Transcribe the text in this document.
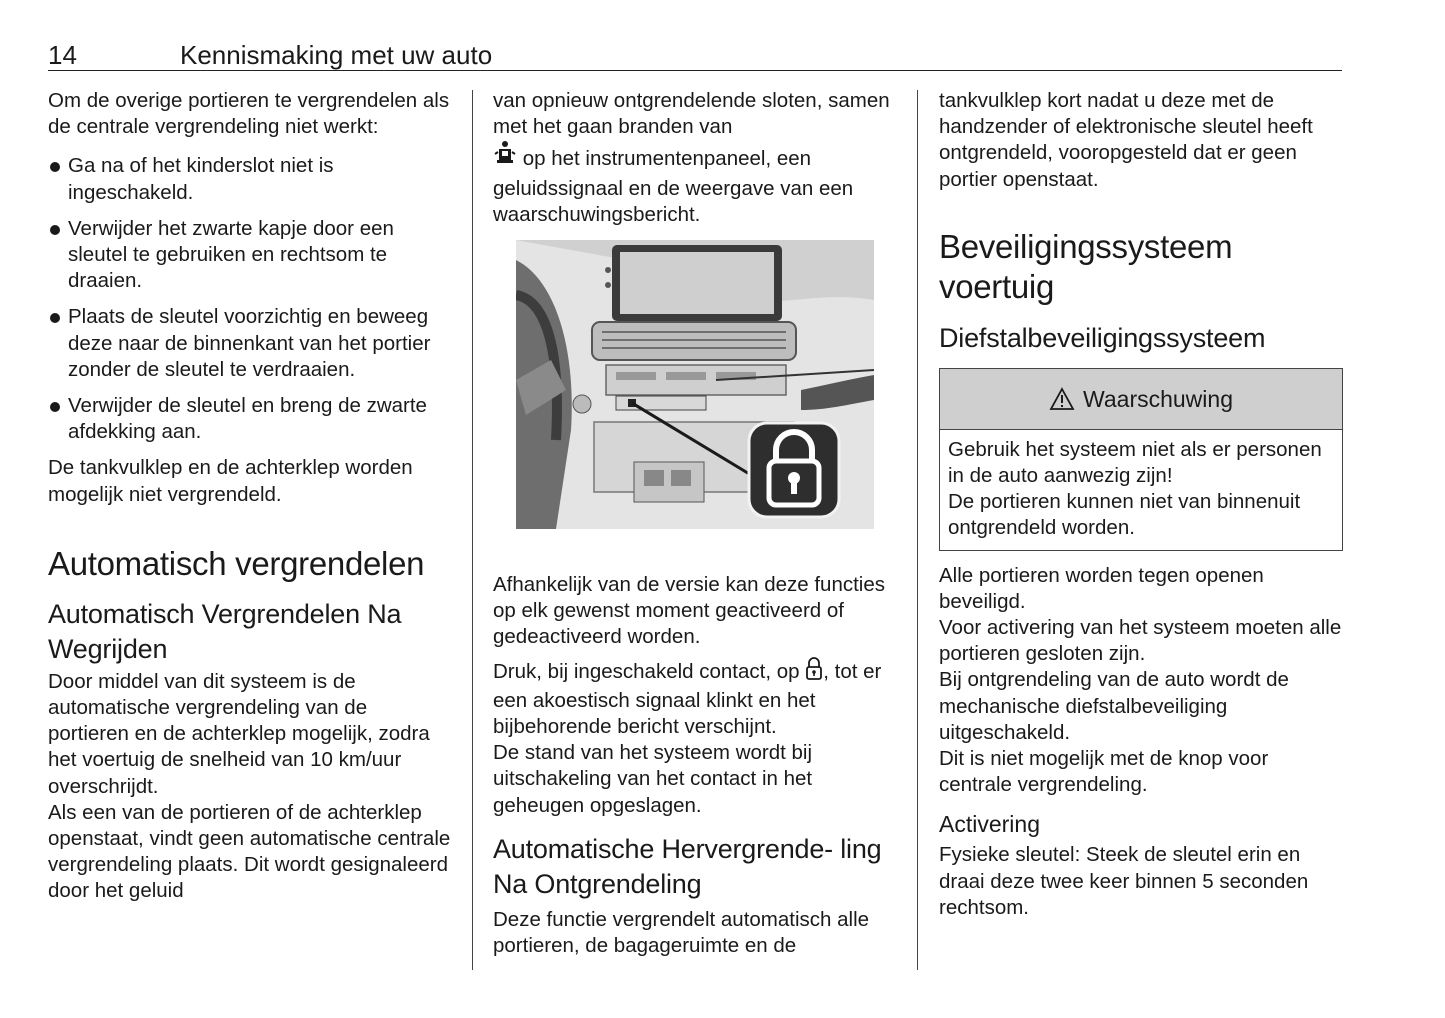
14	Kennismaking met uw auto

Om de overige portieren te vergrendelen als de centrale vergrendeling niet werkt:

Ga na of het kinderslot niet is ingeschakeld.
Verwijder het zwarte kapje door een sleutel te gebruiken en rechtsom te draaien.
Plaats de sleutel voorzichtig en beweeg deze naar de binnenkant van het portier zonder de sleutel te verdraaien.
Verwijder de sleutel en breng de zwarte afdekking aan.

De tankvulklep en de achterklep worden mogelijk niet vergrendeld.

Automatisch vergrendelen
Automatisch Vergrendelen Na Wegrijden

Door middel van dit systeem is de automatische vergrendeling van de portieren en de achterklep mogelijk, zodra het voertuig de snelheid van 10 km/uur overschrijdt.

Als een van de portieren of de achterklep openstaat, vindt geen automatische centrale vergrendeling plaats. Dit wordt gesignaleerd door het geluid

van opnieuw ontgrendelende sloten, samen met het gaan branden van
op het instrumentenpaneel, een geluidssignaal en de weergave van een waarschuwingsbericht.

Afhankelijk van de versie kan deze functies op elk gewenst moment geactiveerd of gedeactiveerd worden.

Druk, bij ingeschakeld contact, op , tot er een akoestisch signaal klinkt en het bijbehorende bericht verschijnt.

De stand van het systeem wordt bij uitschakeling van het contact in het geheugen opgeslagen.

Automatische Hervergrende- ling Na Ontgrendeling

Deze functie vergrendelt automatisch alle portieren, de bagageruimte en de

tankvulklep kort nadat u deze met de handzender of elektronische sleutel heeft ontgrendeld, vooropgesteld dat er geen portier openstaat.

Beveiligingssysteem voertuig
Diefstalbeveiligingssysteem
Waarschuwing

Gebruik het systeem niet als er personen in de auto aanwezig zijn!

De portieren kunnen niet van binnenuit ontgrendeld worden.

Alle portieren worden tegen openen beveiligd.

Voor activering van het systeem moeten alle portieren gesloten zijn.

Bij ontgrendeling van de auto wordt de mechanische diefstalbeveiliging uitgeschakeld.

Dit is niet mogelijk met de knop voor centrale vergrendeling.

Activering

Fysieke sleutel: Steek de sleutel erin en draai deze twee keer binnen 5 seconden rechtsom.
